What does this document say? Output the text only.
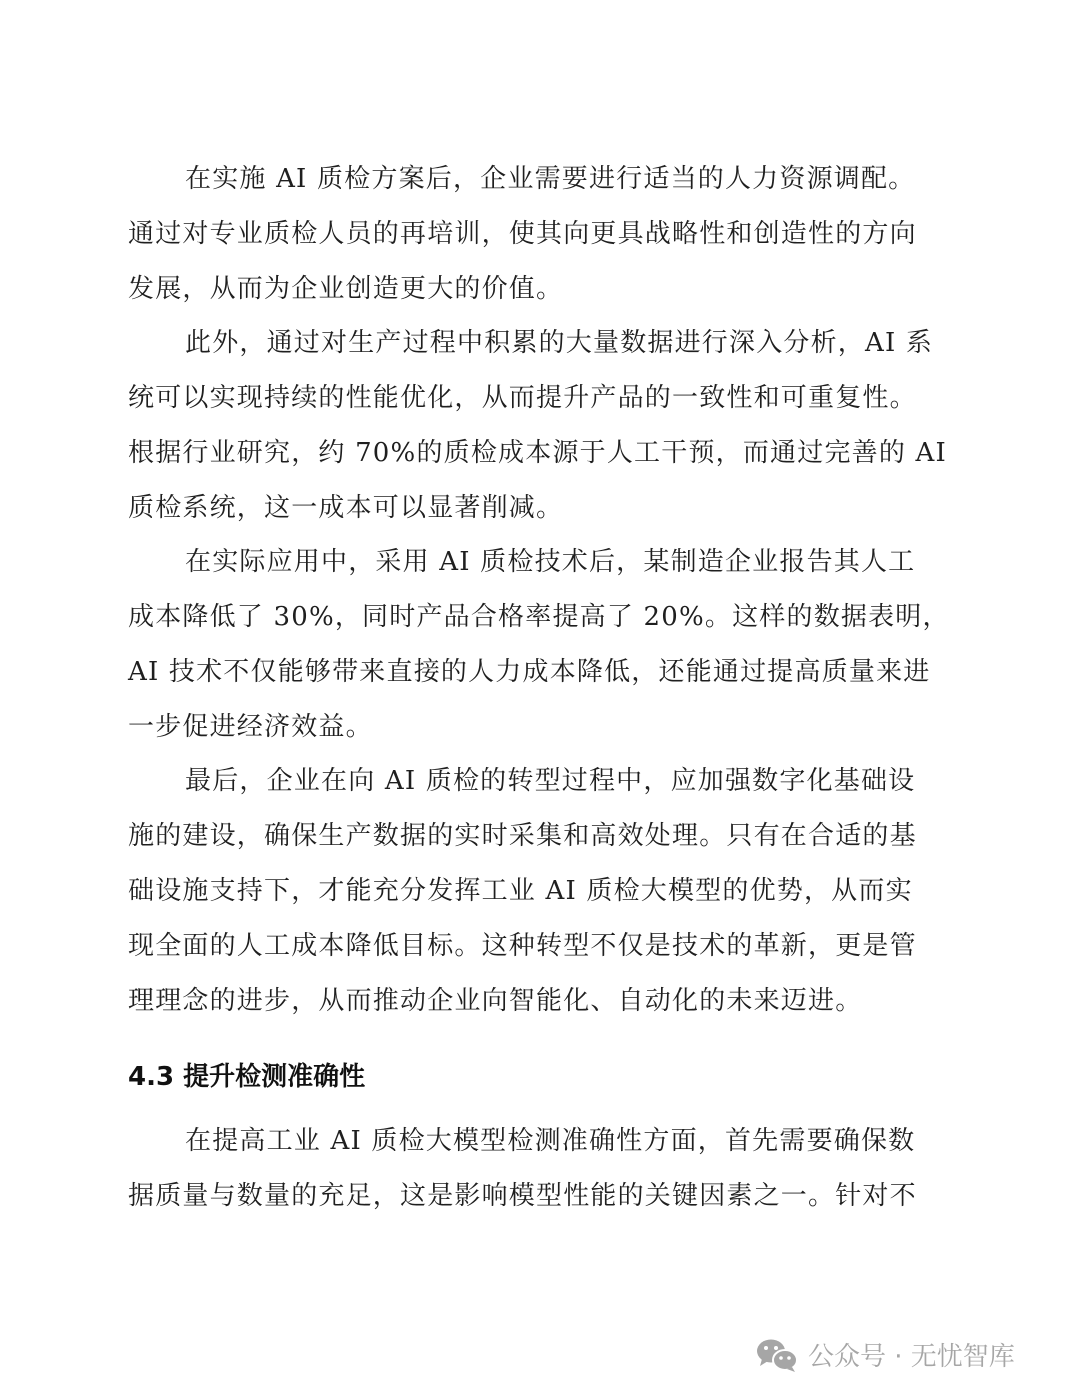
在实施 AI 质检方案后，企业需要进行适当的人力资源调配。
通过对专业质检人员的再培训，使其向更具战略性和创造性的方向
发展，从而为企业创造更大的价值。
此外，通过对生产过程中积累的大量数据进行深入分析，AI 系
统可以实现持续的性能优化，从而提升产品的一致性和可重复性。
根据行业研究，约 70%的质检成本源于人工干预，而通过完善的 AI
质检系统，这一成本可以显著削减。
在实际应用中，采用 AI 质检技术后，某制造企业报告其人工
成本降低了 30%，同时产品合格率提高了 20%。这样的数据表明，
AI 技术不仅能够带来直接的人力成本降低，还能通过提高质量来进
一步促进经济效益。
最后，企业在向 AI 质检的转型过程中，应加强数字化基础设
施的建设，确保生产数据的实时采集和高效处理。只有在合适的基
础设施支持下，才能充分发挥工业 AI 质检大模型的优势，从而实
现全面的人工成本降低目标。这种转型不仅是技术的革新，更是管
理理念的进步，从而推动企业向智能化、自动化的未来迈进。
4.3 提升检测准确性
在提高工业 AI 质检大模型检测准确性方面，首先需要确保数
据质量与数量的充足，这是影响模型性能的关键因素之一。针对不
公众号 · 无忧智库
